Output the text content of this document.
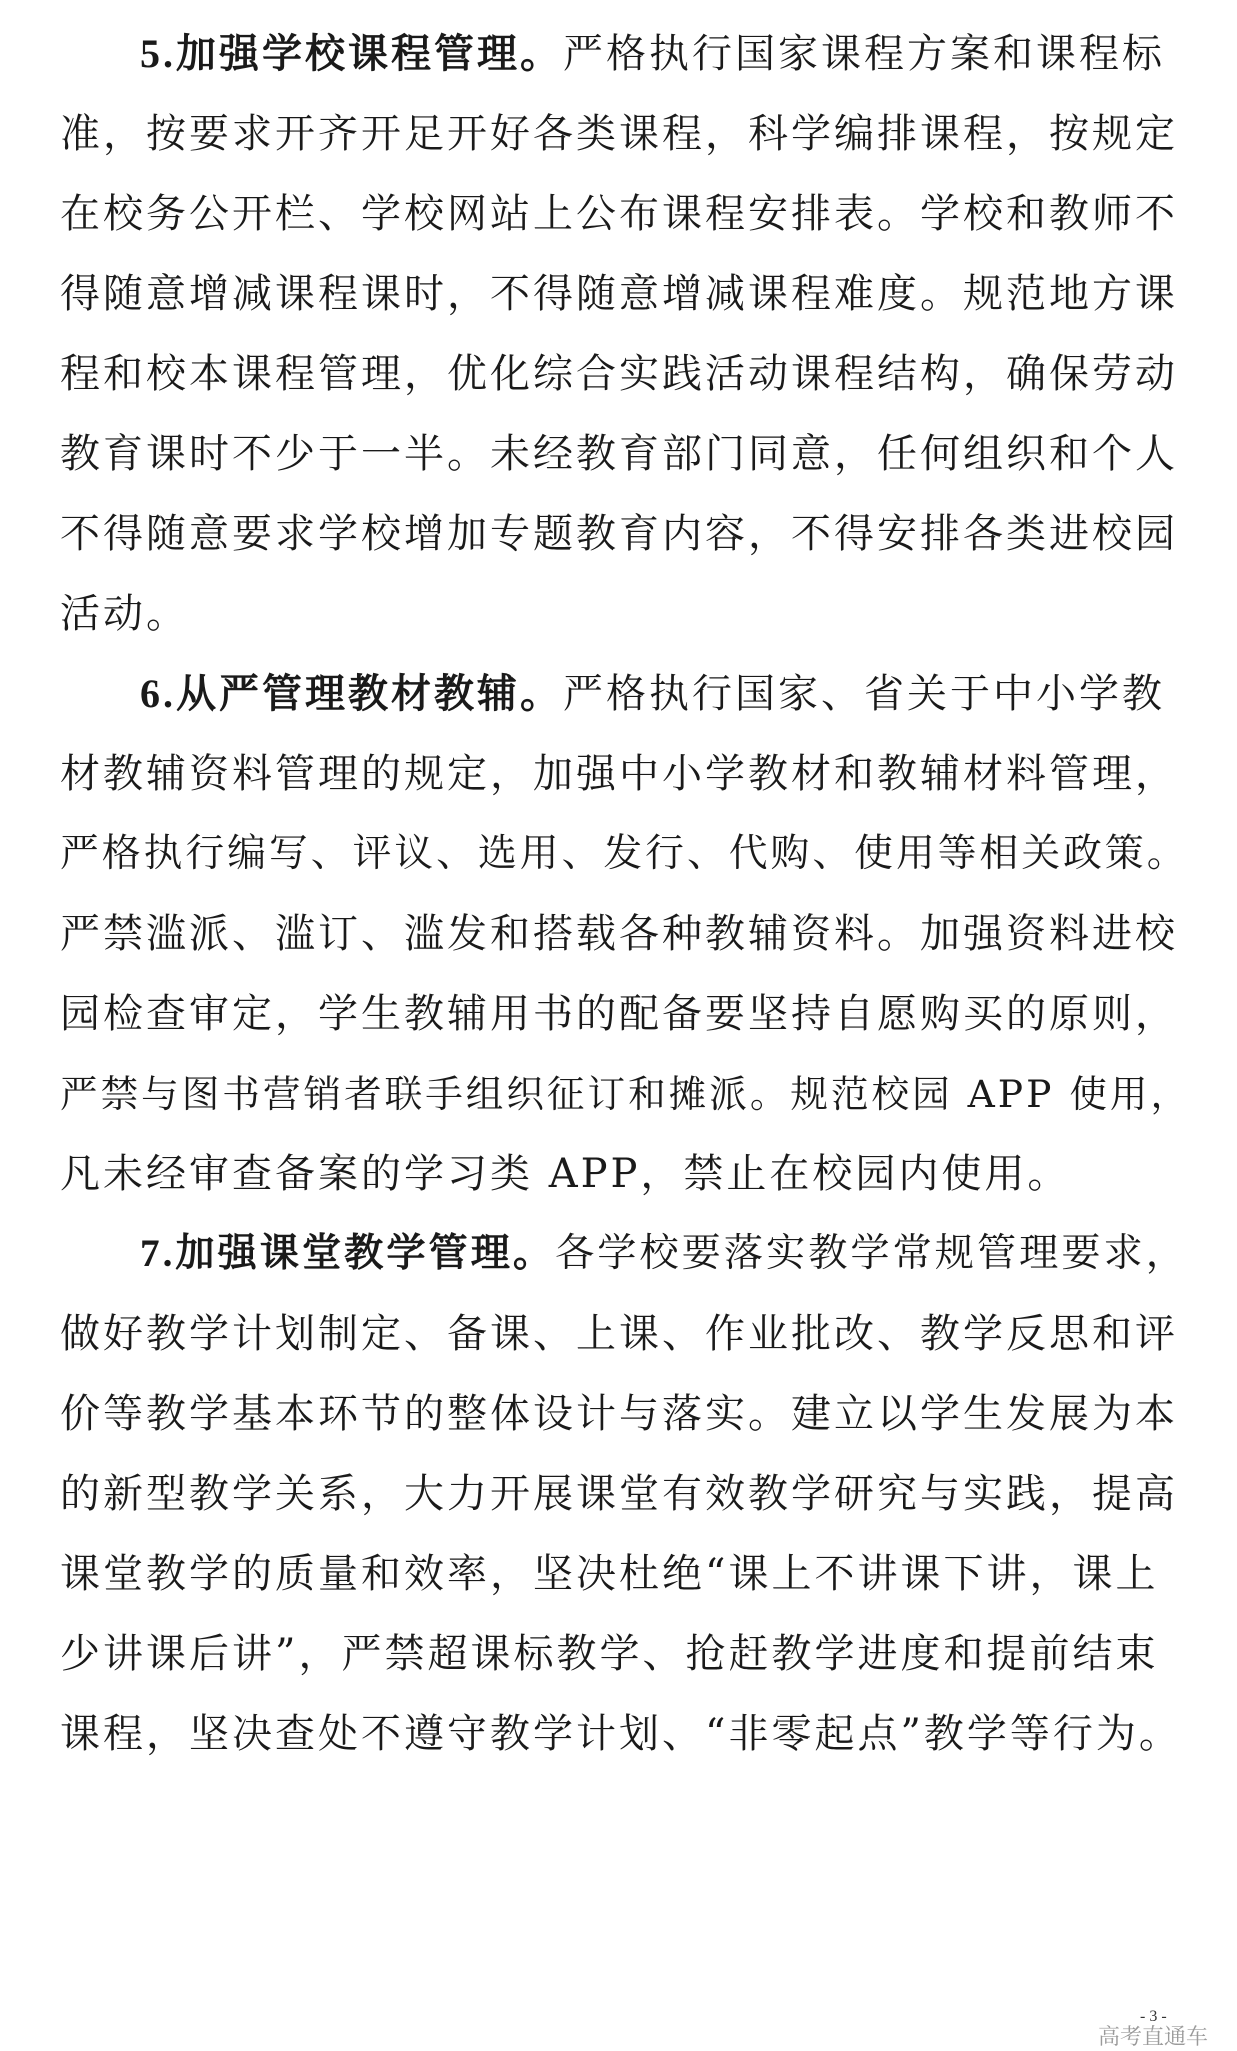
5.加强学校课程管理。严格执行国家课程方案和课程标
准，按要求开齐开足开好各类课程，科学编排课程，按规定
在校务公开栏、学校网站上公布课程安排表。学校和教师不
得随意增减课程课时，不得随意增减课程难度。规范地方课
程和校本课程管理，优化综合实践活动课程结构，确保劳动
教育课时不少于一半。未经教育部门同意，任何组织和个人
不得随意要求学校增加专题教育内容，不得安排各类进校园
活动。
6.从严管理教材教辅。严格执行国家、省关于中小学教
材教辅资料管理的规定，加强中小学教材和教辅材料管理，
严格执行编写、评议、选用、发行、代购、使用等相关政策。
严禁滥派、滥订、滥发和搭载各种教辅资料。加强资料进校
园检查审定，学生教辅用书的配备要坚持自愿购买的原则，
严禁与图书营销者联手组织征订和摊派。规范校园 APP 使用，
凡未经审查备案的学习类 APP，禁止在校园内使用。
7.加强课堂教学管理。各学校要落实教学常规管理要求，
做好教学计划制定、备课、上课、作业批改、教学反思和评
价等教学基本环节的整体设计与落实。建立以学生发展为本
的新型教学关系，大力开展课堂有效教学研究与实践，提高
课堂教学的质量和效率，坚决杜绝“课上不讲课下讲，课上
少讲课后讲”，严禁超课标教学、抢赶教学进度和提前结束
课程，坚决查处不遵守教学计划、“非零起点”教学等行为。
- 3 -
高考直通车
